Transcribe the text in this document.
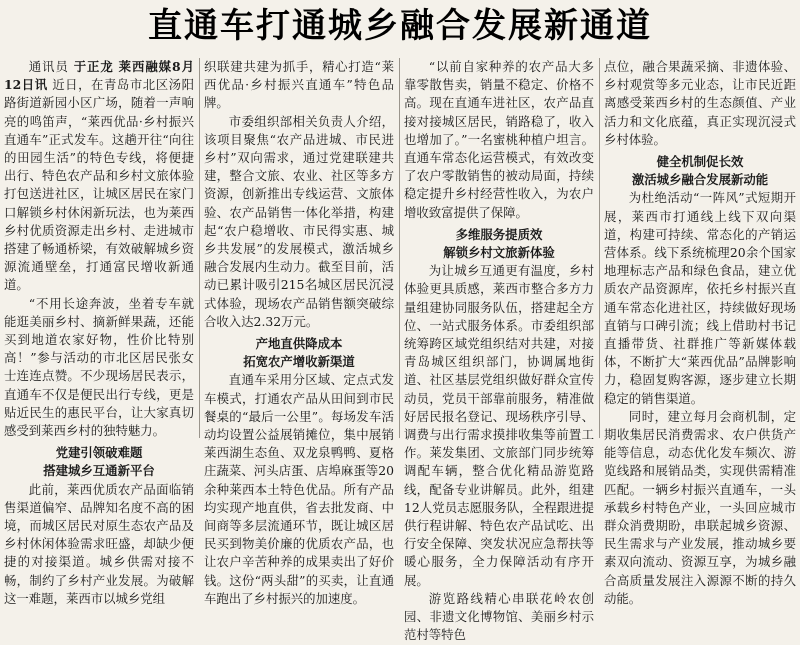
直通车打通城乡融合发展新通道

通讯员 于正龙 莱西融媒8月12日讯 近日，在青岛市北区汤阳路街道新园小区广场，随着一声响亮的鸣笛声，“莱西优品·乡村振兴直通车”正式发车。这趟开往“向往的田园生活”的特色专线，将便捷出行、特色农产品和乡村文旅体验打包送进社区，让城区居民在家门口解锁乡村休闲新玩法，也为莱西乡村优质资源走出乡村、走进城市搭建了畅通桥梁，有效破解城乡资源流通壁垒，打通富民增收新通道。

“不用长途奔波，坐着专车就能逛美丽乡村、摘新鲜果蔬，还能买到地道农家好物，性价比特别高！”参与活动的市北区居民张女士连连点赞。不少现场居民表示，直通车不仅是便民出行专线，更是贴近民生的惠民平台，让大家真切感受到莱西乡村的独特魅力。

党建引领破难题

搭建城乡互通新平台

此前，莱西优质农产品面临销售渠道偏窄、品牌知名度不高的困境，而城区居民对原生态农产品及乡村休闲体验需求旺盛，却缺少便捷的对接渠道。城乡供需对接不畅，制约了乡村产业发展。为破解这一难题，莱西市以城乡党组

织联建共建为抓手，精心打造“莱西优品·乡村振兴直通车”特色品牌。

市委组织部相关负责人介绍，该项目聚焦“农产品进城、市民进乡村”双向需求，通过党建联建共建，整合文旅、农业、社区等多方资源，创新推出专线运营、文旅体验、农产品销售一体化举措，构建起“农户稳增收、市民得实惠、城乡共发展”的发展模式，激活城乡融合发展内生动力。截至目前，活动已累计吸引215名城区居民沉浸式体验，现场农产品销售额突破综合收入达2.32万元。

产地直供降成本

拓宽农产增收新渠道

直通车采用分区域、定点式发车模式，打通农产品从田间到市民餐桌的“最后一公里”。每场发车活动均设置公益展销摊位，集中展销莱西湖生态鱼、双龙泉鸭鸭、夏格庄蔬菜、河头店蛋、店埠麻蛋等20余种莱西本土特色优品。所有产品均实现产地直供，省去批发商、中间商等多层流通环节，既让城区居民买到物美价廉的优质农产品，也让农户辛苦种养的成果卖出了好价钱。这份“两头甜”的买卖，让直通车跑出了乡村振兴的加速度。

“以前自家种养的农产品大多靠零散售卖，销量不稳定、价格不高。现在直通车进社区，农产品直接对接城区居民，销路稳了，收入也增加了。”一名蜜桃种植户坦言。直通车常态化运营模式，有效改变了农户零散销售的被动局面，持续稳定提升乡村经营性收入，为农户增收致富提供了保障。

多维服务提质效

解锁乡村文旅新体验

为让城乡互通更有温度，乡村体验更具质感，莱西市整合多方力量组建协同服务队伍，搭建起全方位、一站式服务体系。市委组织部统筹跨区域党组织结对共建，对接青岛城区组织部门，协调属地街道、社区基层党组织做好群众宣传动员，党员干部靠前服务，精准做好居民报名登记、现场秩序引导、调费与出行需求摸排收集等前置工作。莱发集团、文旅部门同步统筹调配车辆，整合优化精品游览路线，配备专业讲解员。此外，组建12人党员志愿服务队，全程跟进提供行程讲解、特色农产品试吃、出行安全保障、突发状况应急帮扶等暖心服务，全力保障活动有序开展。

游览路线精心串联花岭农创园、非遗文化博物馆、美丽乡村示范村等特色

点位，融合果蔬采摘、非遗体验、乡村观赏等多元业态，让市民近距离感受莱西乡村的生态颜值、产业活力和文化底蕴，真正实现沉浸式乡村体验。

健全机制促长效

激活城乡融合发展新动能

为杜绝活动“一阵风”式短期开展，莱西市打通线上线下双向渠道，构建可持续、常态化的产销运营体系。线下系统梳理20余个国家地理标志产品和绿色食品，建立优质农产品资源库，依托乡村振兴直通车常态化进社区，持续做好现场直销与口碑引流；线上借助村书记直播带货、社群推广等新媒体载体，不断扩大“莱西优品”品牌影响力，稳固复购客源，逐步建立长期稳定的销售渠道。

同时，建立每月会商机制，定期收集居民消费需求、农户供货产能等信息，动态优化发车频次、游览线路和展销品类，实现供需精准匹配。一辆乡村振兴直通车，一头承载乡村特色产业，一头回应城市群众消费期盼，串联起城乡资源、民生需求与产业发展，推动城乡要素双向流动、资源互享，为城乡融合高质量发展注入源源不断的持久动能。
